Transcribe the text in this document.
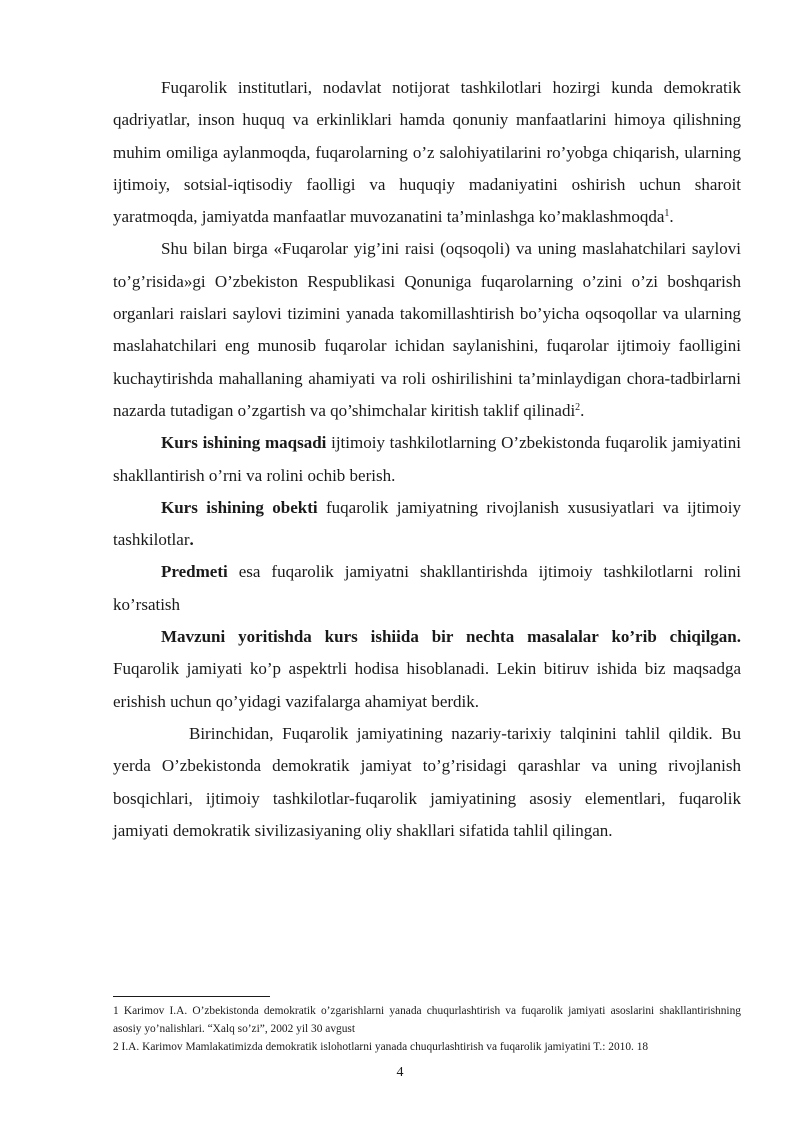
Fuqarolik institutlari, nodavlat notijorat tashkilotlari hozirgi kunda demokratik qadriyatlar, inson huquq va erkinliklari hamda qonuniy manfaatlarini himoya qilishning muhim omiliga aylanmoqda, fuqarolarning o’z salohiyatilarini ro’yobga chiqarish, ularning ijtimoiy, sotsial-iqtisodiy faolligi va huquqiy madaniyatini oshirish uchun sharoit yaratmoqda, jamiyatda manfaatlar muvozanatini ta’minlashga ko’maklashmoqda$^1$.

Shu bilan birga «Fuqarolar yig’ini raisi (oqsoqoli) va uning maslahatchilari saylovi to’g’risida»gi O’zbekiston Respublikasi Qonuniga fuqarolarning o’zini o’zi boshqarish organlari raislari saylovi tizimini yanada takomillashtirish bo’yicha oqsoqollar va ularning maslahatchilari eng munosib fuqarolar ichidan saylanishini, fuqarolar ijtimoiy faolligini kuchaytirishda mahallaning ahamiyati va roli oshirilishini ta’minlaydigan chora-tadbirlarni nazarda tutadigan o’zgartish va qo’shimchalar kiritish taklif qilinadi$^2$.

Kurs ishining maqsadi ijtimoiy tashkilotlarning O’zbekistonda fuqarolik jamiyatini shakllantirish o’rni va rolini ochib berish.

Kurs ishining obekti fuqarolik jamiyatning rivojlanish xususiyatlari va ijtimoiy tashkilotlar.

Predmeti esa fuqarolik jamiyatni shakllantirishda ijtimoiy tashkilotlarni rolini ko’rsatish

Mavzuni yoritishda kurs ishiida bir nechta masalalar ko’rib chiqilgan. Fuqarolik jamiyati ko’p aspektrli hodisa hisoblanadi. Lekin bitiruv ishida biz maqsadga erishish uchun qo’yidagi vazifalarga ahamiyat berdik.

Birinchidan, Fuqarolik jamiyatining nazariy-tarixiy talqinini tahlil qildik. Bu yerda O’zbekistonda demokratik jamiyat to’g’risidagi qarashlar va uning rivojlanish bosqichlari, ijtimoiy tashkilotlar-fuqarolik jamiyatining asosiy elementlari, fuqarolik jamiyati demokratik sivilizasiyaning oliy shakllari sifatida tahlil qilingan.

1 Karimov I.A. O’zbekistonda demokratik o’zgarishlarni yanada chuqurlashtirish va fuqarolik jamiyati asoslarini shakllantirishning asosiy yo’nalishlari. “Xalq so’zi”, 2002 yil 30 avgust

2 I.A. Karimov Mamlakatimizda demokratik islohotlarni yanada chuqurlashtirish va fuqarolik jamiyatini T.: 2010. 18

4
